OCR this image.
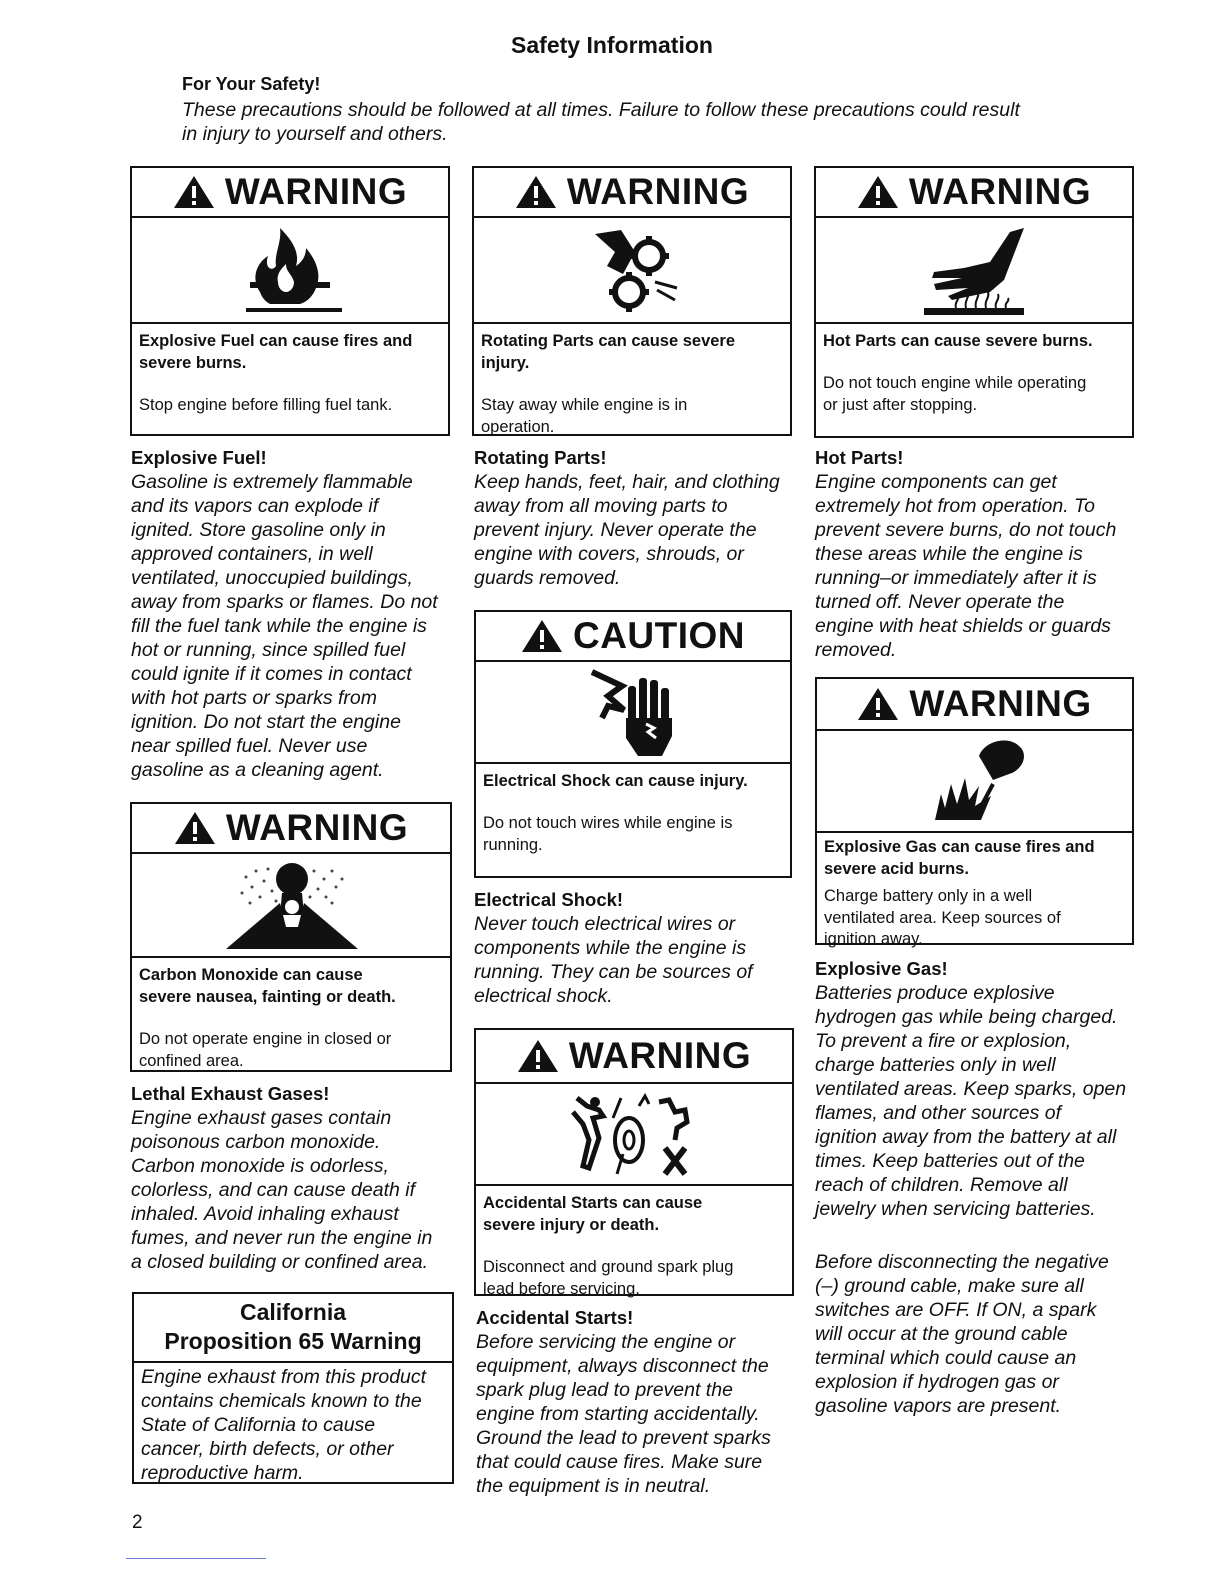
Safety Information
For Your Safety!
These precautions should be followed at all times. Failure to follow these precautions could result
in injury to yourself and others.
WARNING
Explosive Fuel can cause fires and
severe burns.
Stop engine before filling fuel tank.
WARNING
Rotating Parts can cause severe
injury.
Stay away while engine is in
operation.
WARNING
Hot Parts can cause severe burns.
Do not touch engine while operating
or just after stopping.
Explosive Fuel!
Gasoline is extremely flammable
and its vapors can explode if
ignited. Store gasoline only in
approved containers, in well
ventilated, unoccupied buildings,
away from sparks or flames. Do not
fill the fuel tank while the engine is
hot or running, since spilled fuel
could ignite if it comes in contact
with hot parts or sparks from
ignition. Do not start the engine
near spilled fuel. Never use
gasoline as a cleaning agent.
Rotating Parts!
Keep hands, feet, hair, and clothing
away from all moving parts to
prevent injury. Never operate the
engine with covers, shrouds, or
guards removed.
Hot Parts!
Engine components can get
extremely hot from operation. To
prevent severe burns, do not touch
these areas while the engine is
running–or immediately after it is
turned off. Never operate the
engine with heat shields or guards
removed.
CAUTION
Electrical Shock can cause injury.
Do not touch wires while engine is
running.
WARNING
Explosive Gas can cause fires and
severe acid burns.
Charge battery only in a well
ventilated area. Keep sources of
ignition away.
WARNING
Carbon Monoxide can cause
severe nausea, fainting or death.
Do not operate engine in closed or
confined area.
Electrical Shock!
Never touch electrical wires or
components while the engine is
running. They can be sources of
electrical shock.
Explosive Gas!
Batteries produce explosive
hydrogen gas while being charged.
To prevent a fire or explosion,
charge batteries only in well
ventilated areas. Keep sparks, open
flames, and other sources of
ignition away from the battery at all
times. Keep batteries out of the
reach of children. Remove all
jewelry when servicing batteries.
Before disconnecting the negative
(–) ground cable, make sure all
switches are OFF. If ON, a spark
will occur at the ground cable
terminal which could cause an
explosion if hydrogen gas or
gasoline vapors are present.
WARNING
Accidental Starts can cause
severe injury or death.
Disconnect and ground spark plug
lead before servicing.
Lethal Exhaust Gases!
Engine exhaust gases contain
poisonous carbon monoxide.
Carbon monoxide is odorless,
colorless, and can cause death if
inhaled. Avoid inhaling exhaust
fumes, and never run the engine in
a closed building or confined area.
Accidental Starts!
Before servicing the engine or
equipment, always disconnect the
spark plug lead to prevent the
engine from starting accidentally.
Ground the lead to prevent sparks
that could cause fires. Make sure
the equipment is in neutral.
California
Proposition 65 Warning
Engine exhaust from this product
contains chemicals known to the
State of California to cause
cancer, birth defects, or other
reproductive harm.
2
